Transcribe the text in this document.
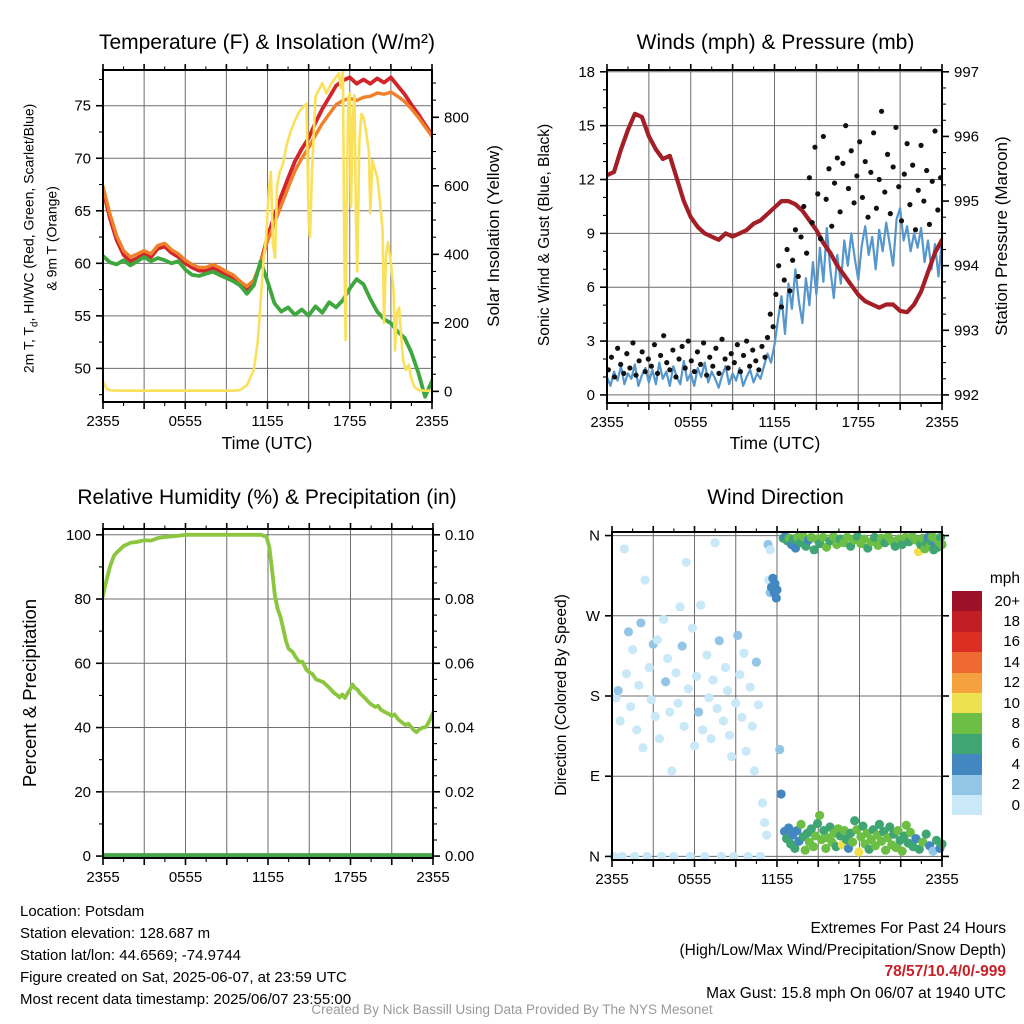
2355	0555	1155	1755	2355
50
55
60
65
70
75
0
200
400
600
800
2355	0555	1155	1755	2355
0
3
6
9
12
15
18
992
993
994
995
996
997
2355	0555	1155	1755	2355
0
20
40
60
80
100
0.00
0.02
0.04
0.06
0.08
0.10
2355	0555	1155	1755	2355
N
E
S
W
N
Temperature (F) & Insolation (W/m²)	Winds (mph) & Pressure (mb)
Relative Humidity (%) & Precipitation (in)	Wind Direction
2m T, $T_d$, HI/WC (Red, Green, Scarlet/Blue) & 9m T (Orange)	Solar Insolation (Yellow) Sonic Wind & Gust (Blue, Black)	Station Pressure (Maroon)
Percent & Precipitation	Direction (Colored By Speed)
Time (UTC)	Time (UTC)
mph
20+
18
16
14
12
10
8
6
4
2
0
Location: Potsdam
Station elevation: 128.687 m
Station lat/lon: 44.6569; -74.9744
Figure created on Sat, 2025-06-07, at 23:59 UTC
Most recent data timestamp: 2025/06/07 23:55:00
Extremes For Past 24 Hours
(High/Low/Max Wind/Precipitation/Snow Depth)
78/57/10.4/0/-999
Max Gust: 15.8 mph On 06/07 at 1940 UTC
Created By Nick Bassill Using Data Provided By The NYS Mesonet
